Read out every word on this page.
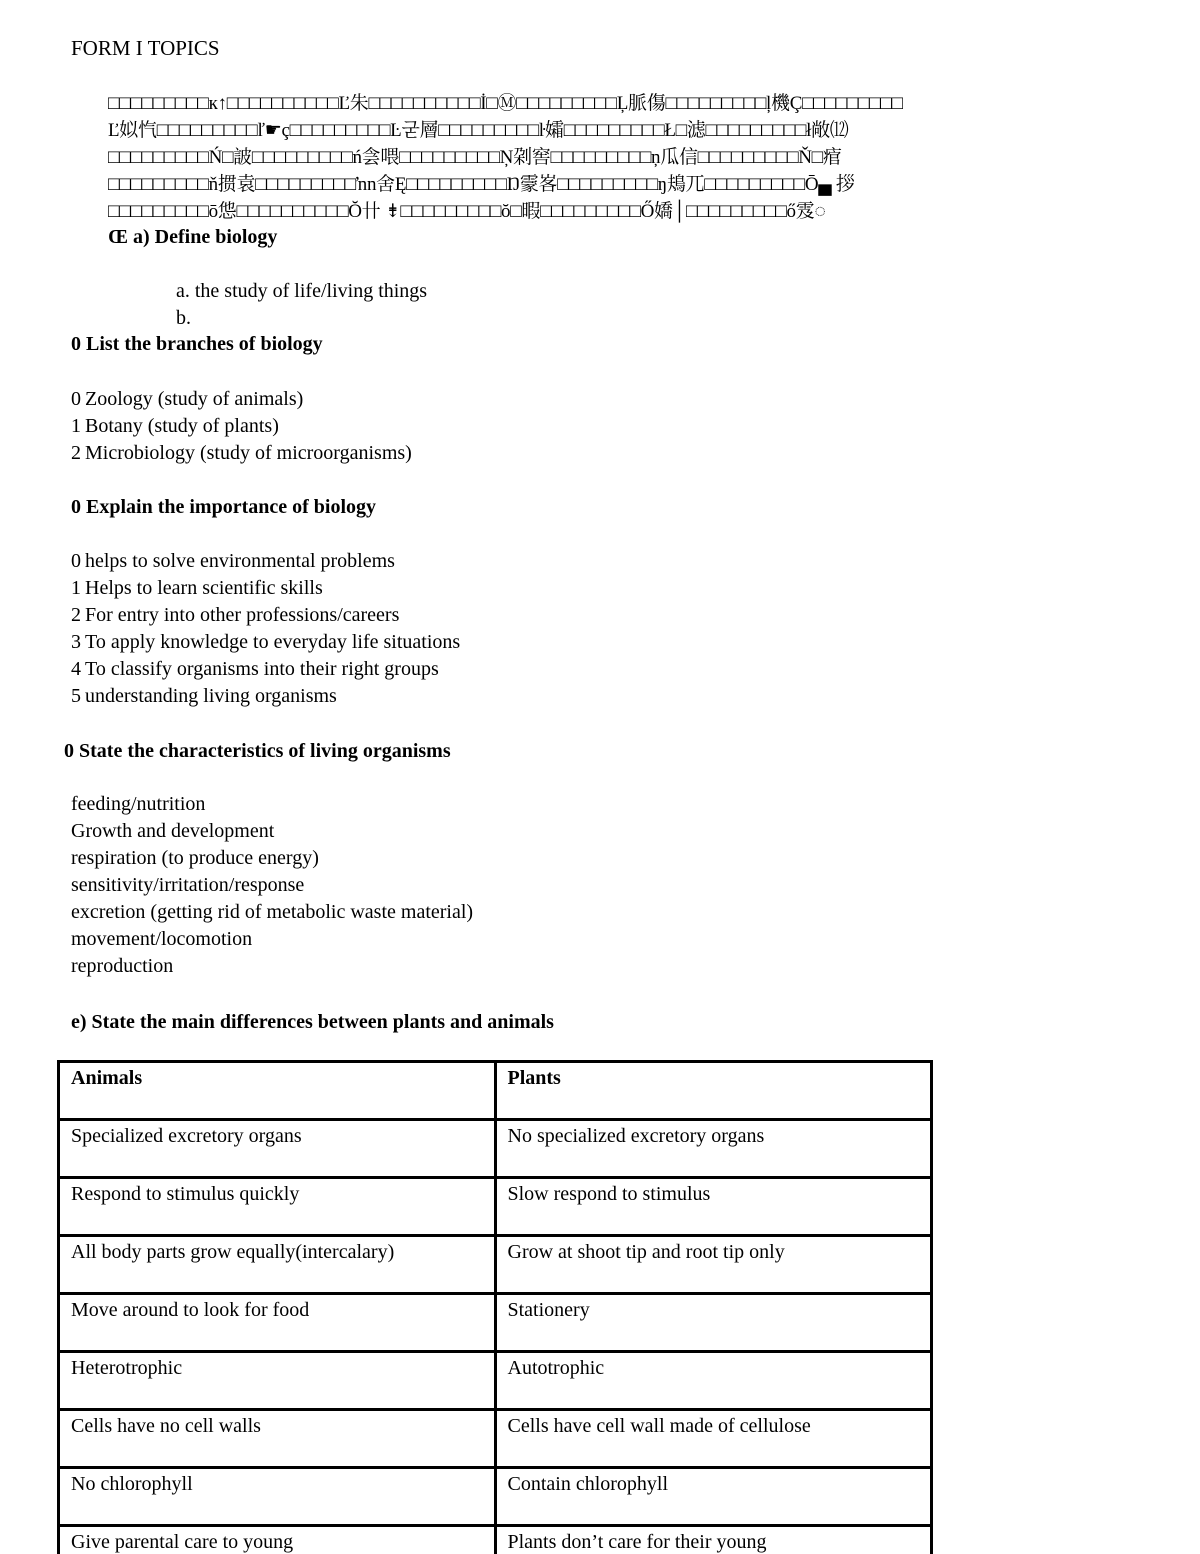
FORM I TOPICS
□□□□□□□□□к↑□□□□□□□□□□Ľ朱□□□□□□□□□□İ□Ⓜ□□□□□□□□□Ļ脈傷□□□□□□□□□ļ機Ç□□□□□□□□□
Ľ姒忾□□□□□□□□□ľ☛ç□□□□□□□□□Ŀ굳層□□□□□□□□□ŀ孀□□□□□□□□□Ł□滤□□□□□□□□□ł敞⑿
□□□□□□□□□Ń□詖□□□□□□□□□ń侌喂□□□□□□□□□Ņ刴窖□□□□□□□□□ņ瓜信□□□□□□□□□Ň□痯
□□□□□□□□□ň掼袁□□□□□□□□□ŉn舍Ę□□□□□□□□□Ŋ霥峉□□□□□□□□□ŋ鳺兀□□□□□□□□□Ō▄ 拶
□□□□□□□□□ō怹□□□□□□□□□□Ŏ卄 ⇟□□□□□□□□□ŏ□暇□□□□□□□□□Ő嬌│□□□□□□□□□ő雭◌
Œ a) Define biology
a. the study of life/living things
b.
0 List the branches of biology
0 Zoology (study of animals)
1 Botany (study of plants)
2 Microbiology (study of microorganisms)
0 Explain the importance of biology
0 helps to solve environmental problems
1 Helps to learn scientific skills
2 For entry into other professions/careers
3 To apply knowledge to everyday life situations
4 To classify organisms into their right groups
5 understanding living organisms
0 State the characteristics of living organisms
feeding/nutrition
Growth and development
respiration (to produce energy)
sensitivity/irritation/response
excretion (getting rid of metabolic waste material)
movement/locomotion
reproduction
e) State the main differences between plants and animals
Animals	Plants
Specialized excretory organs	No specialized excretory organs
Respond to stimulus quickly	Slow respond to stimulus
All body parts grow equally(intercalary)	Grow at shoot tip and root tip only
Move around to look for food	Stationery
Heterotrophic	Autotrophic
Cells have no cell walls	Cells have cell wall made of cellulose
No chlorophyll	Contain chlorophyll
Give parental care to young	Plants don’t care for their young
